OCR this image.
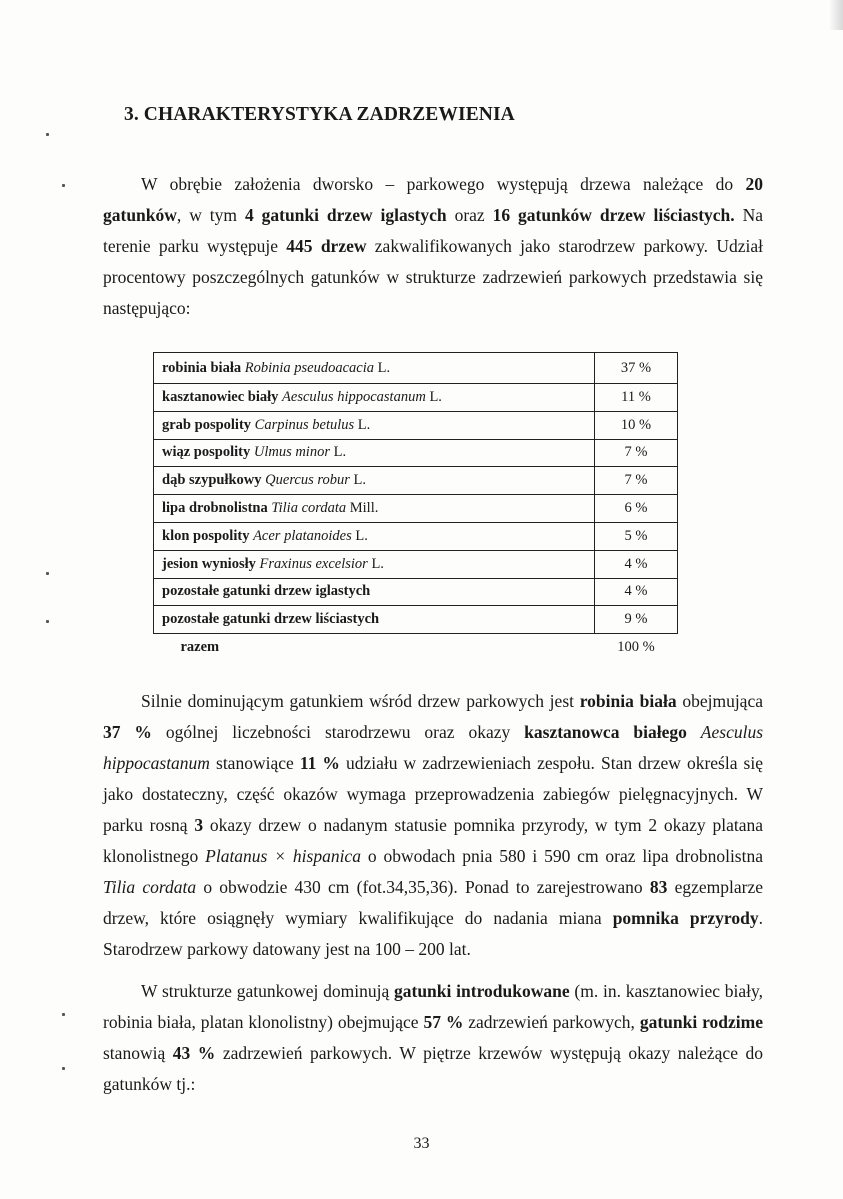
3. CHARAKTERYSTYKA ZADRZEWIENIA

W obrębie założenia dworsko – parkowego występują drzewa należące do 20 gatunków, w tym 4 gatunki drzew iglastych oraz 16 gatunków drzew liściastych. Na terenie parku występuje 445 drzew zakwalifikowanych jako starodrzew parkowy. Udział procentowy poszczególnych gatunków w strukturze zadrzewień parkowych przedstawia się następująco:

robinia biała Robinia pseudoacacia L.	37 %
kasztanowiec biały Aesculus hippocastanum L.	11 %
grab pospolity Carpinus betulus L.	10 %
wiąz pospolity Ulmus minor L.	7 %
dąb szypułkowy Quercus robur L.	7 %
lipa drobnolistna Tilia cordata Mill.	6 %
klon pospolity Acer platanoides L.	5 %
jesion wyniosły Fraxinus excelsior L.	4 %
pozostałe gatunki drzew iglastych	4 %
pozostałe gatunki drzew liściastych	9 %
razem	100 %

Silnie dominującym gatunkiem wśród drzew parkowych jest robinia biała obejmująca 37 % ogólnej liczebności starodrzewu oraz okazy kasztanowca białego Aesculus hippocastanum stanowiące 11 % udziału w zadrzewieniach zespołu. Stan drzew określa się jako dostateczny, część okazów wymaga przeprowadzenia zabiegów pielęgnacyjnych. W parku rosną 3 okazy drzew o nadanym statusie pomnika przyrody, w tym 2 okazy platana klonolistnego Platanus × hispanica o obwodach pnia 580 i 590 cm oraz lipa drobnolistna Tilia cordata o obwodzie 430 cm (fot.34,35,36). Ponad to zarejestrowano 83 egzemplarze drzew, które osiągnęły wymiary kwalifikujące do nadania miana pomnika przyrody. Starodrzew parkowy datowany jest na 100 – 200 lat.

W strukturze gatunkowej dominują gatunki introdukowane (m. in. kasztanowiec biały, robinia biała, platan klonolistny) obejmujące 57 % zadrzewień parkowych, gatunki rodzime stanowią 43 % zadrzewień parkowych. W piętrze krzewów występują okazy należące do gatunków tj.:

33
